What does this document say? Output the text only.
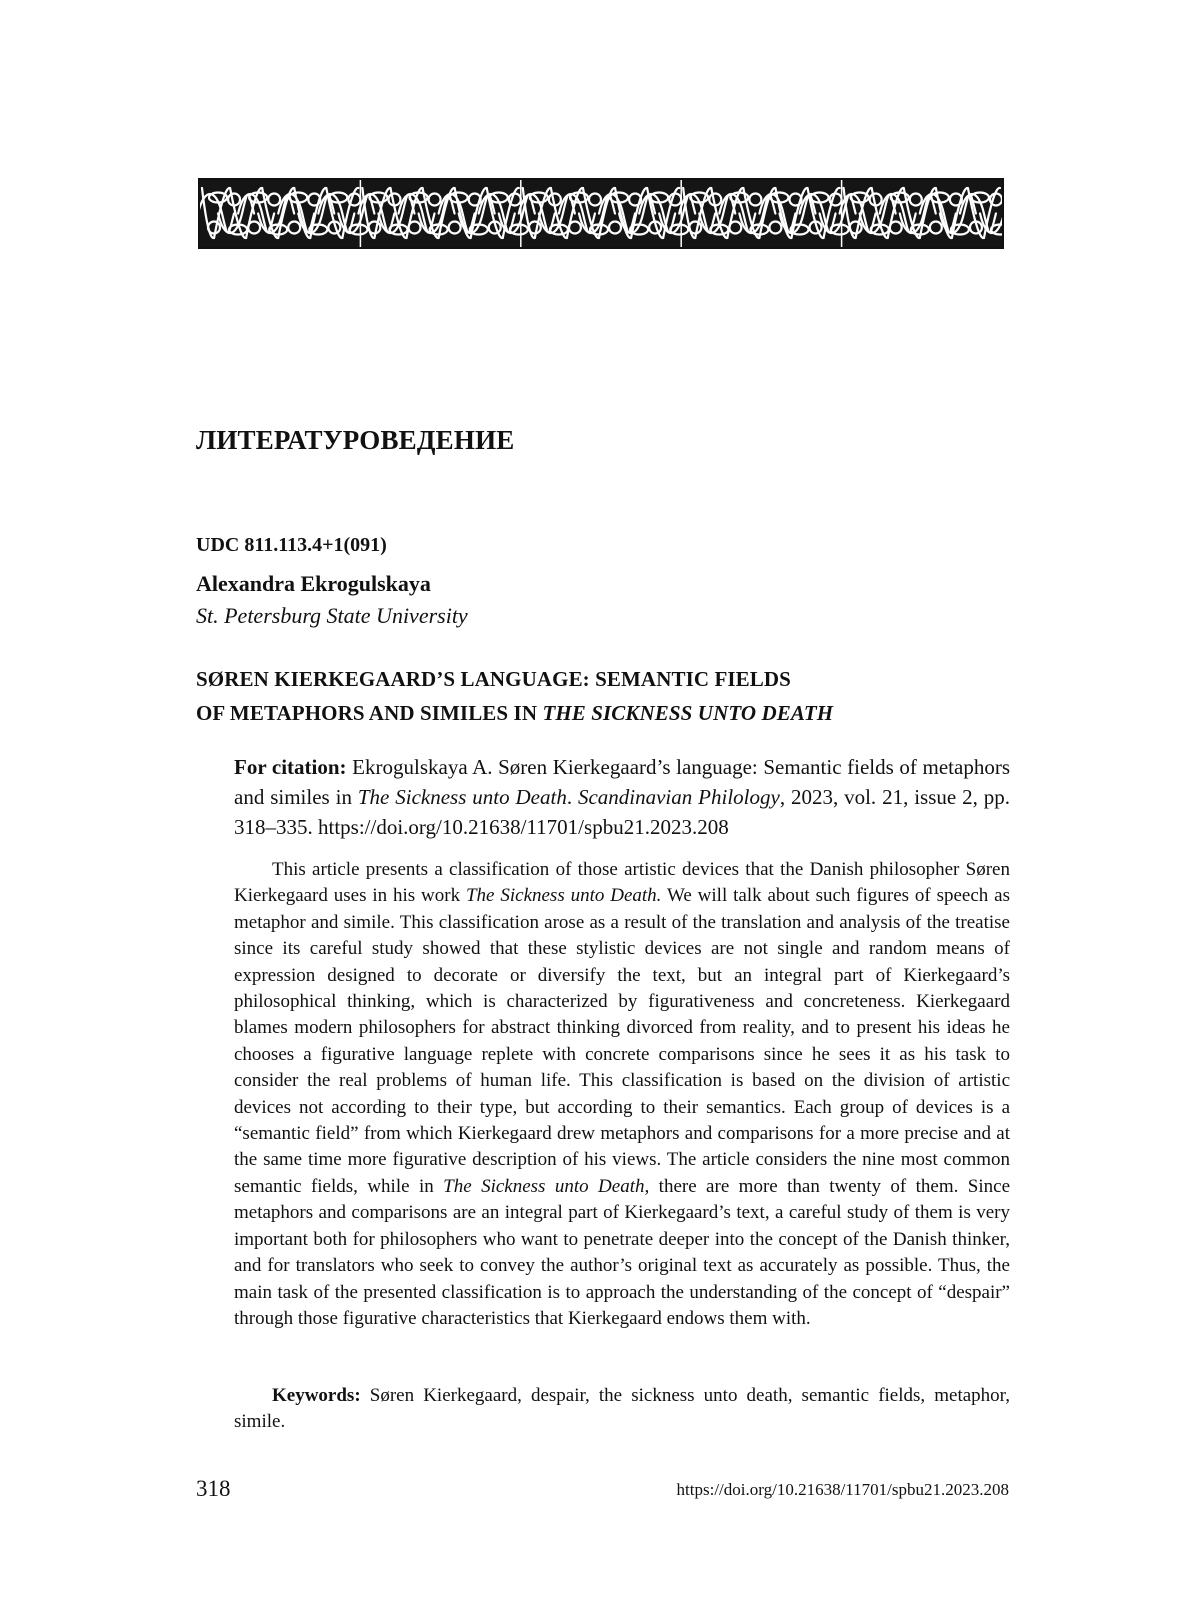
ЛИТЕРАТУРОВЕДЕНИЕ
UDC 811.113.4+1(091)
Alexandra Ekrogulskaya
St. Petersburg State University
SØREN KIERKEGAARD’S LANGUAGE: SEMANTIC FIELDS
OF METAPHORS AND SIMILES IN THE SICKNESS UNTO DEATH

For citation: Ekrogulskaya A. Søren Kierkegaard’s language: Semantic fields of metaphors and similes in The Sickness unto Death. Scandinavian Philology, 2023, vol. 21, issue 2, pp. 318–335. https://doi.org/10.21638/11701/spbu21.2023.208

This article presents a classification of those artistic devices that the Danish philosopher Søren Kierkegaard uses in his work The Sickness unto Death. We will talk about such figures of speech as metaphor and simile. This classification arose as a result of the translation and analysis of the treatise since its careful study showed that these stylistic devices are not single and random means of expression designed to decorate or diversify the text, but an integral part of Kierkegaard’s philosophical thinking, which is characterized by figurativeness and concreteness. Kierkegaard blames modern philosophers for abstract thinking divorced from reality, and to present his ideas he chooses a figurative language replete with concrete comparisons since he sees it as his task to consider the real problems of human life. This classification is based on the division of artistic devices not according to their type, but according to their semantics. Each group of devices is a “semantic field” from which Kierkegaard drew metaphors and comparisons for a more precise and at the same time more figurative description of his views. The article considers the nine most common semantic fields, while in The Sickness unto Death, there are more than twenty of them. Since metaphors and comparisons are an integral part of Kierkegaard’s text, a careful study of them is very important both for philosophers who want to penetrate deeper into the concept of the Danish thinker, and for translators who seek to convey the author’s original text as accurately as possible. Thus, the main task of the presented classification is to approach the understanding of the concept of “despair” through those figurative characteristics that Kierkegaard endows them with.

Keywords: Søren Kierkegaard, despair, the sickness unto death, semantic fields, metaphor, simile.

318	https://doi.org/10.21638/11701/spbu21.2023.208
